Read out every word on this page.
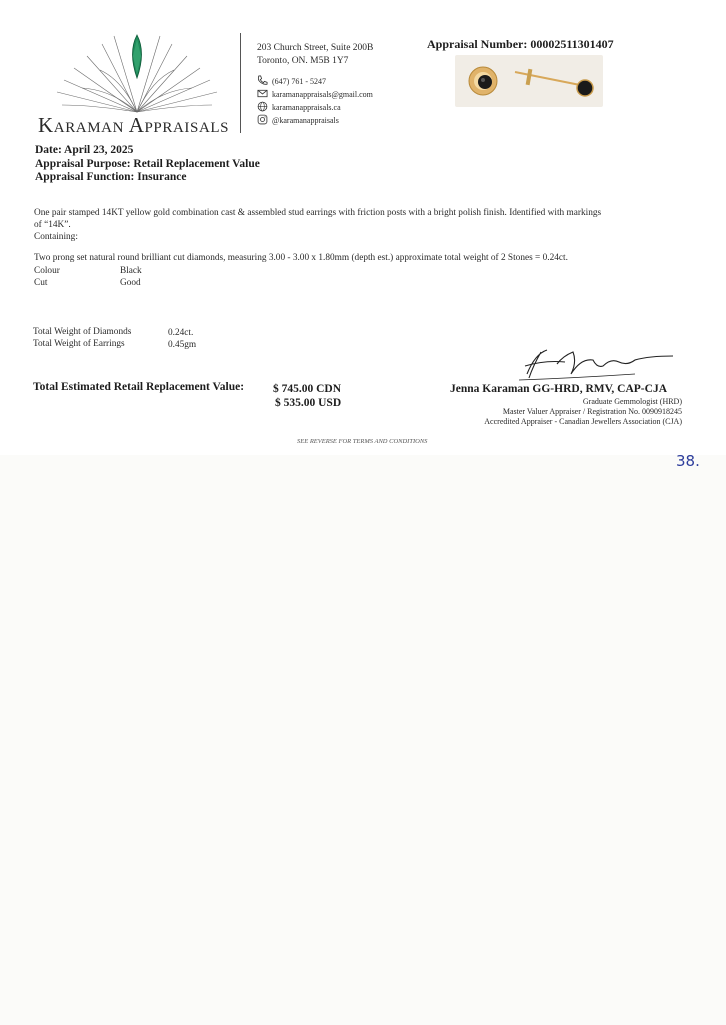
Karaman Appraisals
203 Church Street, Suite 200B
Toronto, ON. M5B 1Y7
(647) 761 - 5247
karamanappraisals@gmail.com
karamanappraisals.ca
@karamanappraisals
Appraisal Number: 00002511301407
Date: April 23, 2025
Appraisal Purpose: Retail Replacement Value
Appraisal Function: Insurance
One pair stamped 14KT yellow gold combination cast & assembled stud earrings with friction posts with a bright polish finish. Identified with markings
of “14K”.
Containing:
Two prong set natural round brilliant cut diamonds, measuring 3.00 - 3.00 x 1.80mm (depth est.) approximate total weight of 2 Stones = 0.24ct.
Colour	Black
Cut	Good
Total Weight of Diamonds	0.24ct.
Total Weight of Earrings	0.45gm
Total Estimated Retail Replacement Value:	$ 745.00 CDN
$ 535.00 USD
Jenna Karaman GG-HRD, RMV, CAP-CJA
Graduate Gemmologist (HRD)
Master Valuer Appraiser / Registration No. 0090918245
Accredited Appraiser - Canadian Jewellers Association (CJA)
SEE REVERSE FOR TERMS AND CONDITIONS
38.
